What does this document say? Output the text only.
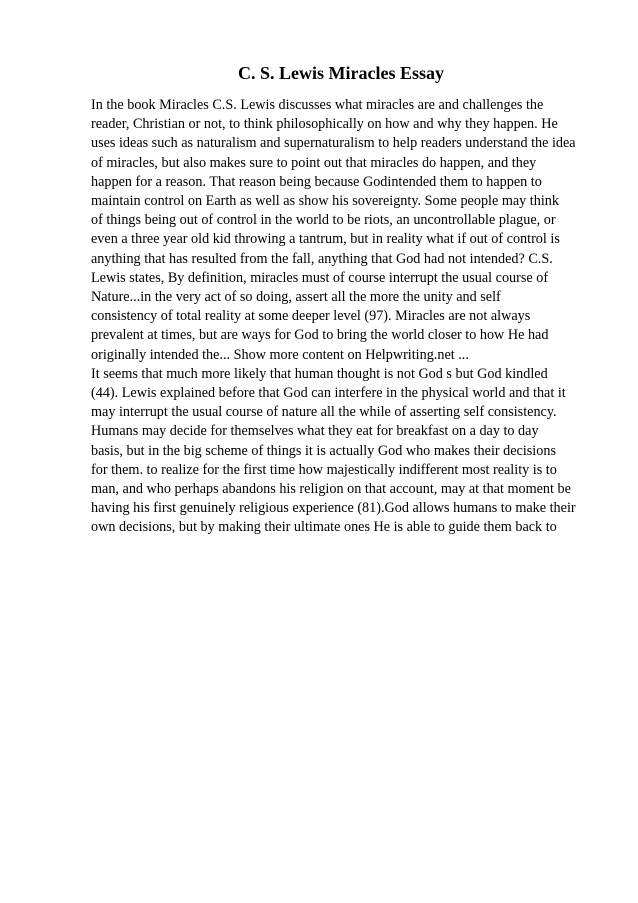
C. S. Lewis Miracles Essay
In the book Miracles C.S. Lewis discusses what miracles are and challenges the
reader, Christian or not, to think philosophically on how and why they happen. He
uses ideas such as naturalism and supernaturalism to help readers understand the idea
of miracles, but also makes sure to point out that miracles do happen, and they
happen for a reason. That reason being because Godintended them to happen to
maintain control on Earth as well as show his sovereignty. Some people may think
of things being out of control in the world to be riots, an uncontrollable plague, or
even a three year old kid throwing a tantrum, but in reality what if out of control is
anything that has resulted from the fall, anything that God had not intended? C.S.
Lewis states, By definition, miracles must of course interrupt the usual course of
Nature...in the very act of so doing, assert all the more the unity and self
consistency of total reality at some deeper level (97). Miracles are not always
prevalent at times, but are ways for God to bring the world closer to how He had
originally intended the... Show more content on Helpwriting.net ...
It seems that much more likely that human thought is not God s but God kindled
(44). Lewis explained before that God can interfere in the physical world and that it
may interrupt the usual course of nature all the while of asserting self consistency.
Humans may decide for themselves what they eat for breakfast on a day to day
basis, but in the big scheme of things it is actually God who makes their decisions
for them. to realize for the first time how majestically indifferent most reality is to
man, and who perhaps abandons his religion on that account, may at that moment be
having his first genuinely religious experience (81).God allows humans to make their
own decisions, but by making their ultimate ones He is able to guide them back to
